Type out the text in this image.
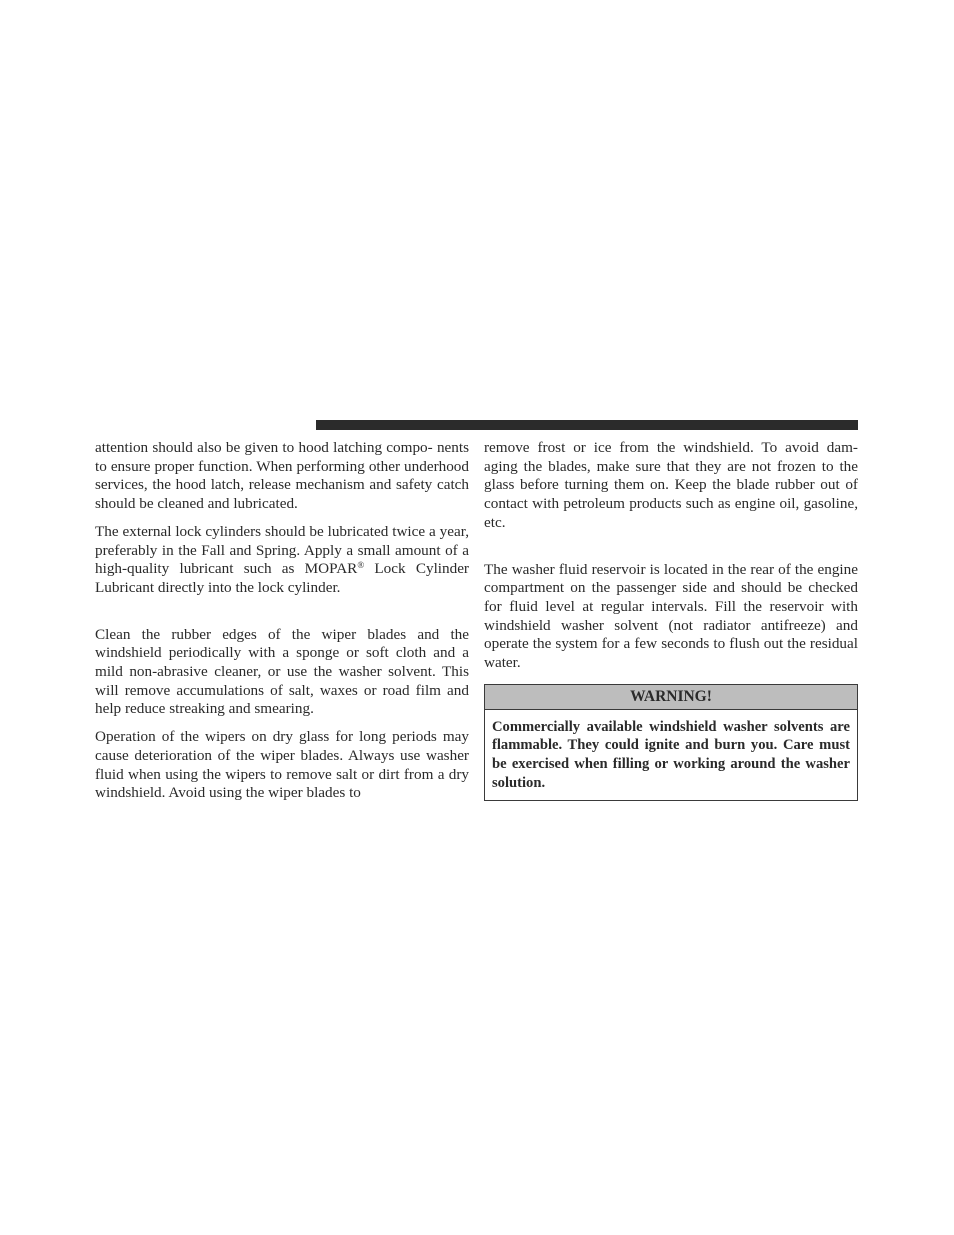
attention should also be given to hood latching compo- nents to ensure proper function. When performing other underhood services, the hood latch, release mechanism and safety catch should be cleaned and lubricated.

The external lock cylinders should be lubricated twice a year, preferably in the Fall and Spring. Apply a small amount of a high-quality lubricant such as MOPAR® Lock Cylinder Lubricant directly into the lock cylinder.

Clean the rubber edges of the wiper blades and the windshield periodically with a sponge or soft cloth and a mild non-abrasive cleaner, or use the washer solvent. This will remove accumulations of salt, waxes or road film and help reduce streaking and smearing.

Operation of the wipers on dry glass for long periods may cause deterioration of the wiper blades. Always use washer fluid when using the wipers to remove salt or dirt from a dry windshield. Avoid using the wiper blades to

remove frost or ice from the windshield. To avoid dam- aging the blades, make sure that they are not frozen to the glass before turning them on. Keep the blade rubber out of contact with petroleum products such as engine oil, gasoline, etc.

The washer fluid reservoir is located in the rear of the engine compartment on the passenger side and should be checked for fluid level at regular intervals. Fill the reservoir with windshield washer solvent (not radiator antifreeze) and operate the system for a few seconds to flush out the residual water.

WARNING!
Commercially available windshield washer solvents are flammable. They could ignite and burn you. Care must be exercised when filling or working around the washer solution.
